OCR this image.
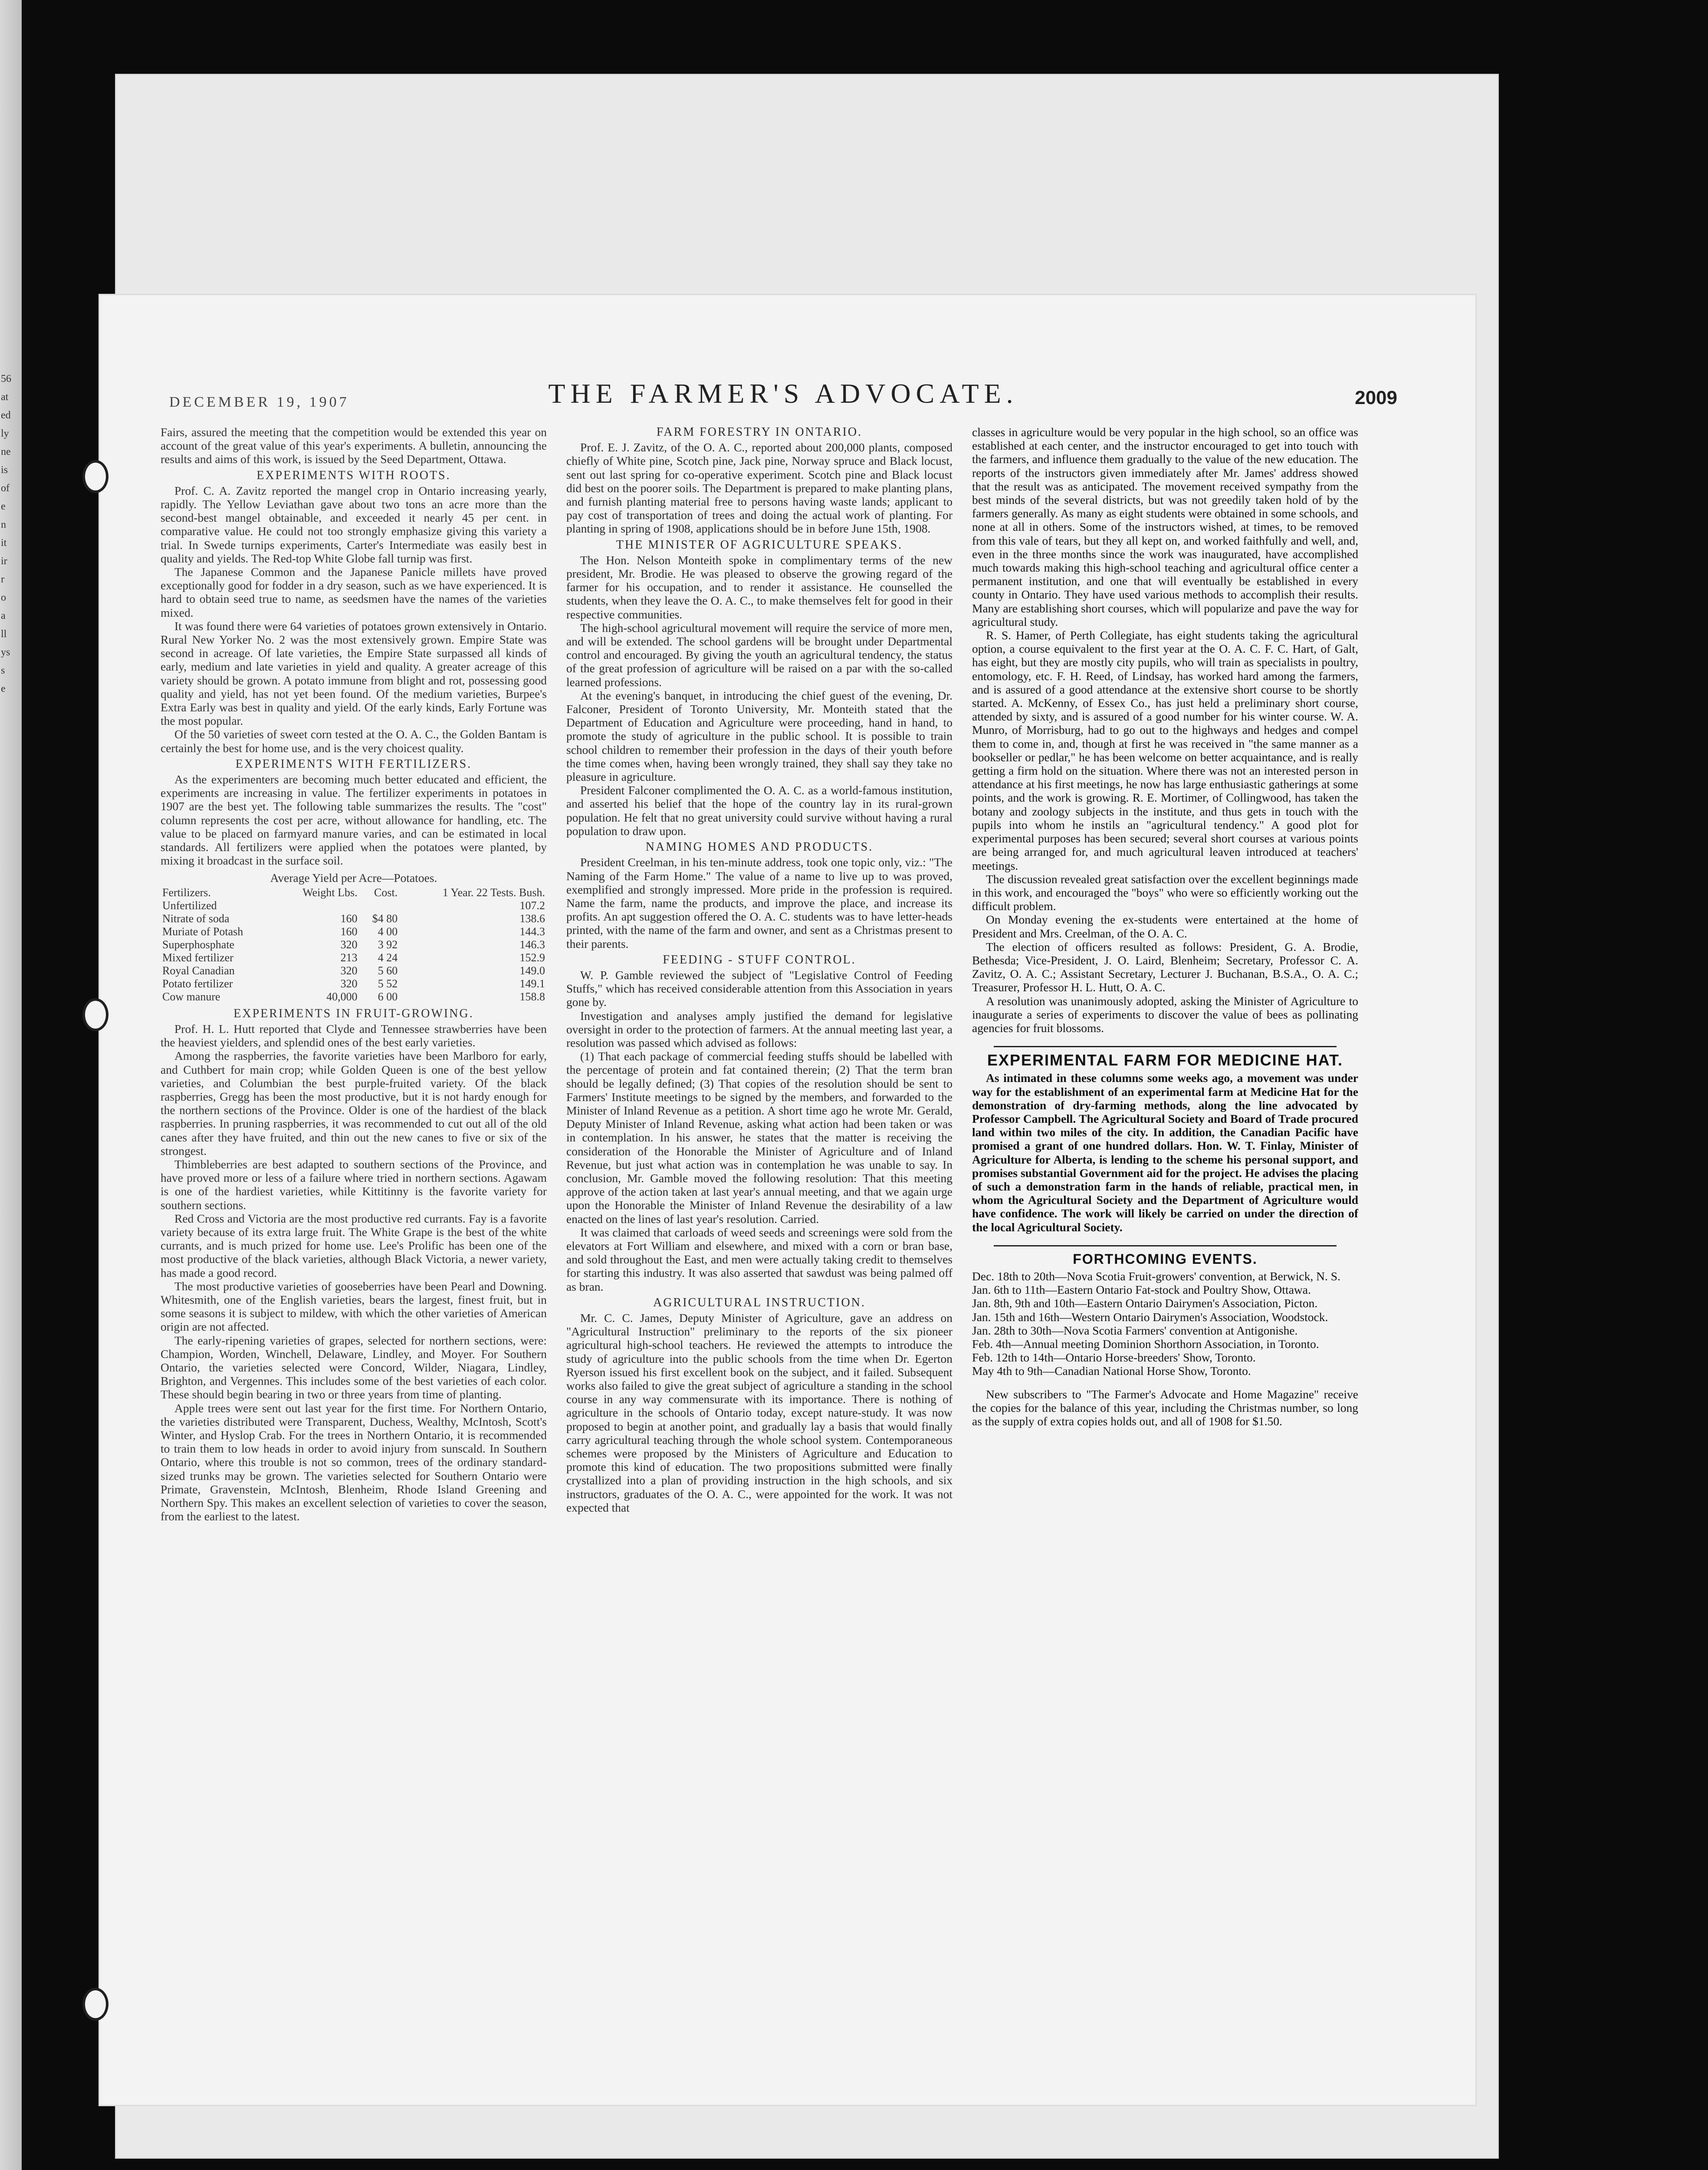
56
at
ed
ly
ne
is
of
e
n
it
ir
r
o
a
ll
ys
s
e
DECEMBER 19, 1907	THE FARMER'S ADVOCATE.	2009

Fairs, assured the meeting that the competition would be extended this year on account of the great value of this year's experiments. A bulletin, announcing the results and aims of this work, is issued by the Seed Department, Ottawa.

EXPERIMENTS WITH ROOTS.

Prof. C. A. Zavitz reported the mangel crop in Ontario increasing yearly, rapidly. The Yellow Leviathan gave about two tons an acre more than the second-best mangel obtainable, and exceeded it nearly 45 per cent. in comparative value. He could not too strongly emphasize giving this variety a trial. In Swede turnips experiments, Carter's Intermediate was easily best in quality and yields. The Red-top White Globe fall turnip was first.

The Japanese Common and the Japanese Panicle millets have proved exceptionally good for fodder in a dry season, such as we have experienced. It is hard to obtain seed true to name, as seedsmen have the names of the varieties mixed.

It was found there were 64 varieties of potatoes grown extensively in Ontario. Rural New Yorker No. 2 was the most extensively grown. Empire State was second in acreage. Of late varieties, the Empire State surpassed all kinds of early, medium and late varieties in yield and quality. A greater acreage of this variety should be grown. A potato immune from blight and rot, possessing good quality and yield, has not yet been found. Of the medium varieties, Burpee's Extra Early was best in quality and yield. Of the early kinds, Early Fortune was the most popular.

Of the 50 varieties of sweet corn tested at the O. A. C., the Golden Bantam is certainly the best for home use, and is the very choicest quality.

EXPERIMENTS WITH FERTILIZERS.

As the experimenters are becoming much better educated and efficient, the experiments are increasing in value. The fertilizer experiments in potatoes in 1907 are the best yet. The following table summarizes the results. The "cost" column represents the cost per acre, without allowance for handling, etc. The value to be placed on farmyard manure varies, and can be estimated in local standards. All fertilizers were applied when the potatoes were planted, by mixing it broadcast in the surface soil.

Average Yield per Acre—Potatoes.
Fertilizers.	Weight Lbs.	Cost.	1 Year. 22 Tests. Bush.
Unfertilized			107.2
Nitrate of soda	160	$4 80	138.6
Muriate of Potash	160	4 00	144.3
Superphosphate	320	3 92	146.3
Mixed fertilizer	213	4 24	152.9
Royal Canadian	320	5 60	149.0
Potato fertilizer	320	5 52	149.1
Cow manure	40,000	6 00	158.8
EXPERIMENTS IN FRUIT-GROWING.

Prof. H. L. Hutt reported that Clyde and Tennessee strawberries have been the heaviest yielders, and splendid ones of the best early varieties.

Among the raspberries, the favorite varieties have been Marlboro for early, and Cuthbert for main crop; while Golden Queen is one of the best yellow varieties, and Columbian the best purple-fruited variety. Of the black raspberries, Gregg has been the most productive, but it is not hardy enough for the northern sections of the Province. Older is one of the hardiest of the black raspberries. In pruning raspberries, it was recommended to cut out all of the old canes after they have fruited, and thin out the new canes to five or six of the strongest.

Thimbleberries are best adapted to southern sections of the Province, and have proved more or less of a failure where tried in northern sections. Agawam is one of the hardiest varieties, while Kittitinny is the favorite variety for southern sections.

Red Cross and Victoria are the most productive red currants. Fay is a favorite variety because of its extra large fruit. The White Grape is the best of the white currants, and is much prized for home use. Lee's Prolific has been one of the most productive of the black varieties, although Black Victoria, a newer variety, has made a good record.

The most productive varieties of gooseberries have been Pearl and Downing. Whitesmith, one of the English varieties, bears the largest, finest fruit, but in some seasons it is subject to mildew, with which the other varieties of American origin are not affected.

The early-ripening varieties of grapes, selected for northern sections, were: Champion, Worden, Winchell, Delaware, Lindley, and Moyer. For Southern Ontario, the varieties selected were Concord, Wilder, Niagara, Lindley, Brighton, and Vergennes. This includes some of the best varieties of each color. These should begin bearing in two or three years from time of planting.

Apple trees were sent out last year for the first time. For Northern Ontario, the varieties distributed were Transparent, Duchess, Wealthy, McIntosh, Scott's Winter, and Hyslop Crab. For the trees in Northern Ontario, it is recommended to train them to low heads in order to avoid injury from sunscald. In Southern Ontario, where this trouble is not so common, trees of the ordinary standard-sized trunks may be grown. The varieties selected for Southern Ontario were Primate, Gravenstein, McIntosh, Blenheim, Rhode Island Greening and Northern Spy. This makes an excellent selection of varieties to cover the season, from the earliest to the latest.

FARM FORESTRY IN ONTARIO.

Prof. E. J. Zavitz, of the O. A. C., reported about 200,000 plants, composed chiefly of White pine, Scotch pine, Jack pine, Norway spruce and Black locust, sent out last spring for co-operative experiment. Scotch pine and Black locust did best on the poorer soils. The Department is prepared to make planting plans, and furnish planting material free to persons having waste lands; applicant to pay cost of transportation of trees and doing the actual work of planting. For planting in spring of 1908, applications should be in before June 15th, 1908.

THE MINISTER OF AGRICULTURE SPEAKS.

The Hon. Nelson Monteith spoke in complimentary terms of the new president, Mr. Brodie. He was pleased to observe the growing regard of the farmer for his occupation, and to render it assistance. He counselled the students, when they leave the O. A. C., to make themselves felt for good in their respective communities.

The high-school agricultural movement will require the service of more men, and will be extended. The school gardens will be brought under Departmental control and encouraged. By giving the youth an agricultural tendency, the status of the great profession of agriculture will be raised on a par with the so-called learned professions.

At the evening's banquet, in introducing the chief guest of the evening, Dr. Falconer, President of Toronto University, Mr. Monteith stated that the Department of Education and Agriculture were proceeding, hand in hand, to promote the study of agriculture in the public school. It is possible to train school children to remember their profession in the days of their youth before the time comes when, having been wrongly trained, they shall say they take no pleasure in agriculture.

President Falconer complimented the O. A. C. as a world-famous institution, and asserted his belief that the hope of the country lay in its rural-grown population. He felt that no great university could survive without having a rural population to draw upon.

NAMING HOMES AND PRODUCTS.

President Creelman, in his ten-minute address, took one topic only, viz.: "The Naming of the Farm Home." The value of a name to live up to was proved, exemplified and strongly impressed. More pride in the profession is required. Name the farm, name the products, and improve the place, and increase its profits. An apt suggestion offered the O. A. C. students was to have letter-heads printed, with the name of the farm and owner, and sent as a Christmas present to their parents.

FEEDING - STUFF CONTROL.

W. P. Gamble reviewed the subject of "Legislative Control of Feeding Stuffs," which has received considerable attention from this Association in years gone by.

Investigation and analyses amply justified the demand for legislative oversight in order to the protection of farmers. At the annual meeting last year, a resolution was passed which advised as follows:

(1) That each package of commercial feeding stuffs should be labelled with the percentage of protein and fat contained therein; (2) That the term bran should be legally defined; (3) That copies of the resolution should be sent to Farmers' Institute meetings to be signed by the members, and forwarded to the Minister of Inland Revenue as a petition. A short time ago he wrote Mr. Gerald, Deputy Minister of Inland Revenue, asking what action had been taken or was in contemplation. In his answer, he states that the matter is receiving the consideration of the Honorable the Minister of Agriculture and of Inland Revenue, but just what action was in contemplation he was unable to say. In conclusion, Mr. Gamble moved the following resolution: That this meeting approve of the action taken at last year's annual meeting, and that we again urge upon the Honorable the Minister of Inland Revenue the desirability of a law enacted on the lines of last year's resolution. Carried.

It was claimed that carloads of weed seeds and screenings were sold from the elevators at Fort William and elsewhere, and mixed with a corn or bran base, and sold throughout the East, and men were actually taking credit to themselves for starting this industry. It was also asserted that sawdust was being palmed off as bran.

AGRICULTURAL INSTRUCTION.

Mr. C. C. James, Deputy Minister of Agriculture, gave an address on "Agricultural Instruction" preliminary to the reports of the six pioneer agricultural high-school teachers. He reviewed the attempts to introduce the study of agriculture into the public schools from the time when Dr. Egerton Ryerson issued his first excellent book on the subject, and it failed. Subsequent works also failed to give the great subject of agriculture a standing in the school course in any way commensurate with its importance. There is nothing of agriculture in the schools of Ontario today, except nature-study. It was now proposed to begin at another point, and gradually lay a basis that would finally carry agricultural teaching through the whole school system. Contemporaneous schemes were proposed by the Ministers of Agriculture and Education to promote this kind of education. The two propositions submitted were finally crystallized into a plan of providing instruction in the high schools, and six instructors, graduates of the O. A. C., were appointed for the work. It was not expected that

classes in agriculture would be very popular in the high school, so an office was established at each center, and the instructor encouraged to get into touch with the farmers, and influence them gradually to the value of the new education. The reports of the instructors given immediately after Mr. James' address showed that the result was as anticipated. The movement received sympathy from the best minds of the several districts, but was not greedily taken hold of by the farmers generally. As many as eight students were obtained in some schools, and none at all in others. Some of the instructors wished, at times, to be removed from this vale of tears, but they all kept on, and worked faithfully and well, and, even in the three months since the work was inaugurated, have accomplished much towards making this high-school teaching and agricultural office center a permanent institution, and one that will eventually be established in every county in Ontario. They have used various methods to accomplish their results. Many are establishing short courses, which will popularize and pave the way for agricultural study.

R. S. Hamer, of Perth Collegiate, has eight students taking the agricultural option, a course equivalent to the first year at the O. A. C. F. C. Hart, of Galt, has eight, but they are mostly city pupils, who will train as specialists in poultry, entomology, etc. F. H. Reed, of Lindsay, has worked hard among the farmers, and is assured of a good attendance at the extensive short course to be shortly started. A. McKenny, of Essex Co., has just held a preliminary short course, attended by sixty, and is assured of a good number for his winter course. W. A. Munro, of Morrisburg, had to go out to the highways and hedges and compel them to come in, and, though at first he was received in "the same manner as a bookseller or pedlar," he has been welcome on better acquaintance, and is really getting a firm hold on the situation. Where there was not an interested person in attendance at his first meetings, he now has large enthusiastic gatherings at some points, and the work is growing. R. E. Mortimer, of Collingwood, has taken the botany and zoology subjects in the institute, and thus gets in touch with the pupils into whom he instils an "agricultural tendency." A good plot for experimental purposes has been secured; several short courses at various points are being arranged for, and much agricultural leaven introduced at teachers' meetings.

The discussion revealed great satisfaction over the excellent beginnings made in this work, and encouraged the "boys" who were so efficiently working out the difficult problem.

On Monday evening the ex-students were entertained at the home of President and Mrs. Creelman, of the O. A. C.

The election of officers resulted as follows: President, G. A. Brodie, Bethesda; Vice-President, J. O. Laird, Blenheim; Secretary, Professor C. A. Zavitz, O. A. C.; Assistant Secretary, Lecturer J. Buchanan, B.S.A., O. A. C.; Treasurer, Professor H. L. Hutt, O. A. C.

A resolution was unanimously adopted, asking the Minister of Agriculture to inaugurate a series of experiments to discover the value of bees as pollinating agencies for fruit blossoms.

EXPERIMENTAL FARM FOR MEDICINE HAT.

As intimated in these columns some weeks ago, a movement was under way for the establishment of an experimental farm at Medicine Hat for the demonstration of dry-farming methods, along the line advocated by Professor Campbell. The Agricultural Society and Board of Trade procured land within two miles of the city. In addition, the Canadian Pacific have promised a grant of one hundred dollars. Hon. W. T. Finlay, Minister of Agriculture for Alberta, is lending to the scheme his personal support, and promises substantial Government aid for the project. He advises the placing of such a demonstration farm in the hands of reliable, practical men, in whom the Agricultural Society and the Department of Agriculture would have confidence. The work will likely be carried on under the direction of the local Agricultural Society.

FORTHCOMING EVENTS.

Dec. 18th to 20th—Nova Scotia Fruit-growers' convention, at Berwick, N. S.

Jan. 6th to 11th—Eastern Ontario Fat-stock and Poultry Show, Ottawa.

Jan. 8th, 9th and 10th—Eastern Ontario Dairymen's Association, Picton.

Jan. 15th and 16th—Western Ontario Dairymen's Association, Woodstock.

Jan. 28th to 30th—Nova Scotia Farmers' convention at Antigonishe.

Feb. 4th—Annual meeting Dominion Shorthorn Association, in Toronto.

Feb. 12th to 14th—Ontario Horse-breeders' Show, Toronto.

May 4th to 9th—Canadian National Horse Show, Toronto.

New subscribers to "The Farmer's Advocate and Home Magazine" receive the copies for the balance of this year, including the Christmas number, so long as the supply of extra copies holds out, and all of 1908 for $1.50.
